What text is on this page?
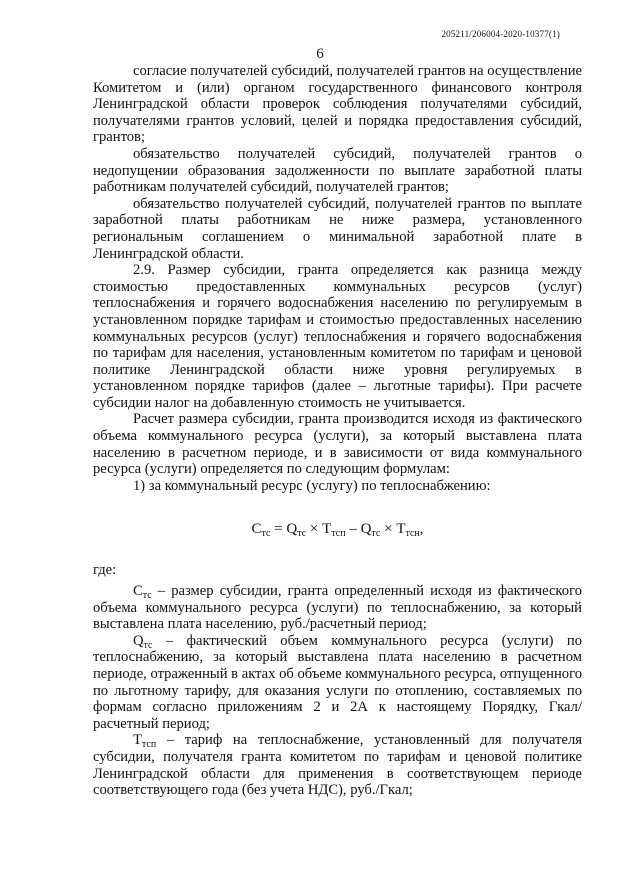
205211/206004-2020-10377(1)
6

согласие получателей субсидий, получателей грантов на осуществление Комитетом и (или) органом государственного финансового контроля Ленинградской области проверок соблюдения получателями субсидий, получателями грантов условий, целей и порядка предоставления субсидий, грантов;

обязательство получателей субсидий, получателей грантов о недопущении образования задолженности по выплате заработной платы работникам получателей субсидий, получателей грантов;

обязательство получателей субсидий, получателей грантов по выплате заработной платы работникам не ниже размера, установленного региональным соглашением о минимальной заработной плате в Ленинградской области.

2.9. Размер субсидии, гранта определяется как разница между стоимостью предоставленных коммунальных ресурсов (услуг) теплоснабжения и горячего водоснабжения населению по регулируемым в установленном порядке тарифам и стоимостью предоставленных населению коммунальных ресурсов (услуг) теплоснабжения и горячего водоснабжения по тарифам для населения, установленным комитетом по тарифам и ценовой политике Ленинградской области ниже уровня регулируемых в установленном порядке тарифов (далее – льготные тарифы). При расчете субсидии налог на добавленную стоимость не учитывается.

Расчет размера субсидии, гранта производится исходя из фактического объема коммунального ресурса (услуги), за который выставлена плата населению в расчетном периоде, и в зависимости от вида коммунального ресурса (услуги) определяется по следующим формулам:

1) за коммунальный ресурс (услугу) по теплоснабжению:

$С_{тс} = Q_{тс} \times Т_{тсп} - Q_{тс} \times Т_{тсн}$,

где:

$С_{тс}$ – размер субсидии, гранта определенный исходя из фактического объема коммунального ресурса (услуги) по теплоснабжению, за который выставлена плата населению, руб./расчетный период;

$Q_{тс}$ – фактический объем коммунального ресурса (услуги) по теплоснабжению, за который выставлена плата населению в расчетном периоде, отраженный в актах об объеме коммунального ресурса, отпущенного по льготному тарифу, для оказания услуги по отоплению, составляемых по формам согласно приложениям 2 и 2А к настоящему Порядку, Гкал/расчетный период;

$Т_{тсп}$ – тариф на теплоснабжение, установленный для получателя субсидии, получателя гранта комитетом по тарифам и ценовой политике Ленинградской области для применения в соответствующем периоде соответствующего года (без учета НДС), руб./Гкал;
